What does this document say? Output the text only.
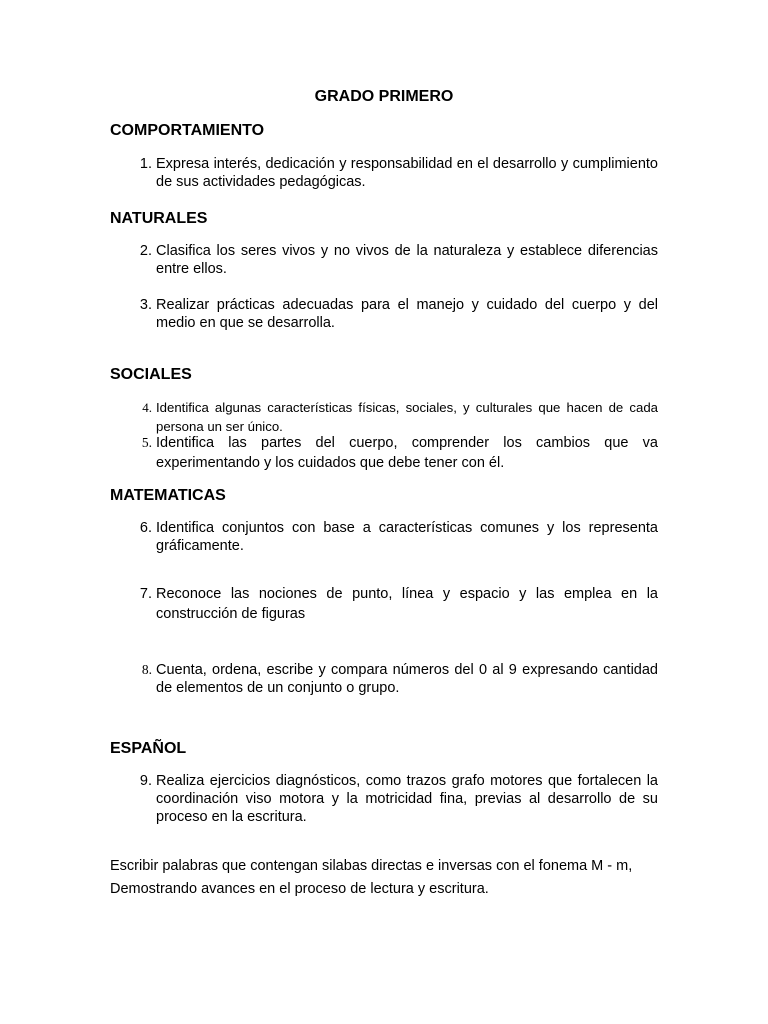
GRADO PRIMERO
COMPORTAMIENTO
1. Expresa interés, dedicación y responsabilidad en el desarrollo y cumplimiento de sus actividades pedagógicas.
NATURALES
2. Clasifica los seres vivos y no vivos de la naturaleza y establece diferencias entre ellos.
3. Realizar prácticas adecuadas para el manejo y cuidado del cuerpo y del medio en que se desarrolla.
SOCIALES
4. Identifica algunas características físicas, sociales, y culturales que hacen de cada persona un ser único.
5. Identifica las partes del cuerpo, comprender los cambios que va experimentando y los cuidados que debe tener con él.
MATEMATICAS
6. Identifica conjuntos con base a características comunes y los representa gráficamente.
7. Reconoce las nociones de punto, línea y espacio y las emplea en la construcción de figuras
8. Cuenta, ordena, escribe y compara números del 0 al 9 expresando cantidad de elementos de un conjunto o grupo.
ESPAÑOL
9. Realiza ejercicios diagnósticos, como trazos grafo motores que fortalecen la coordinación viso motora y la motricidad fina, previas al desarrollo de su proceso en la escritura.
Escribir palabras que contengan silabas directas e inversas con el fonema M - m, Demostrando avances en el proceso de lectura y escritura.
